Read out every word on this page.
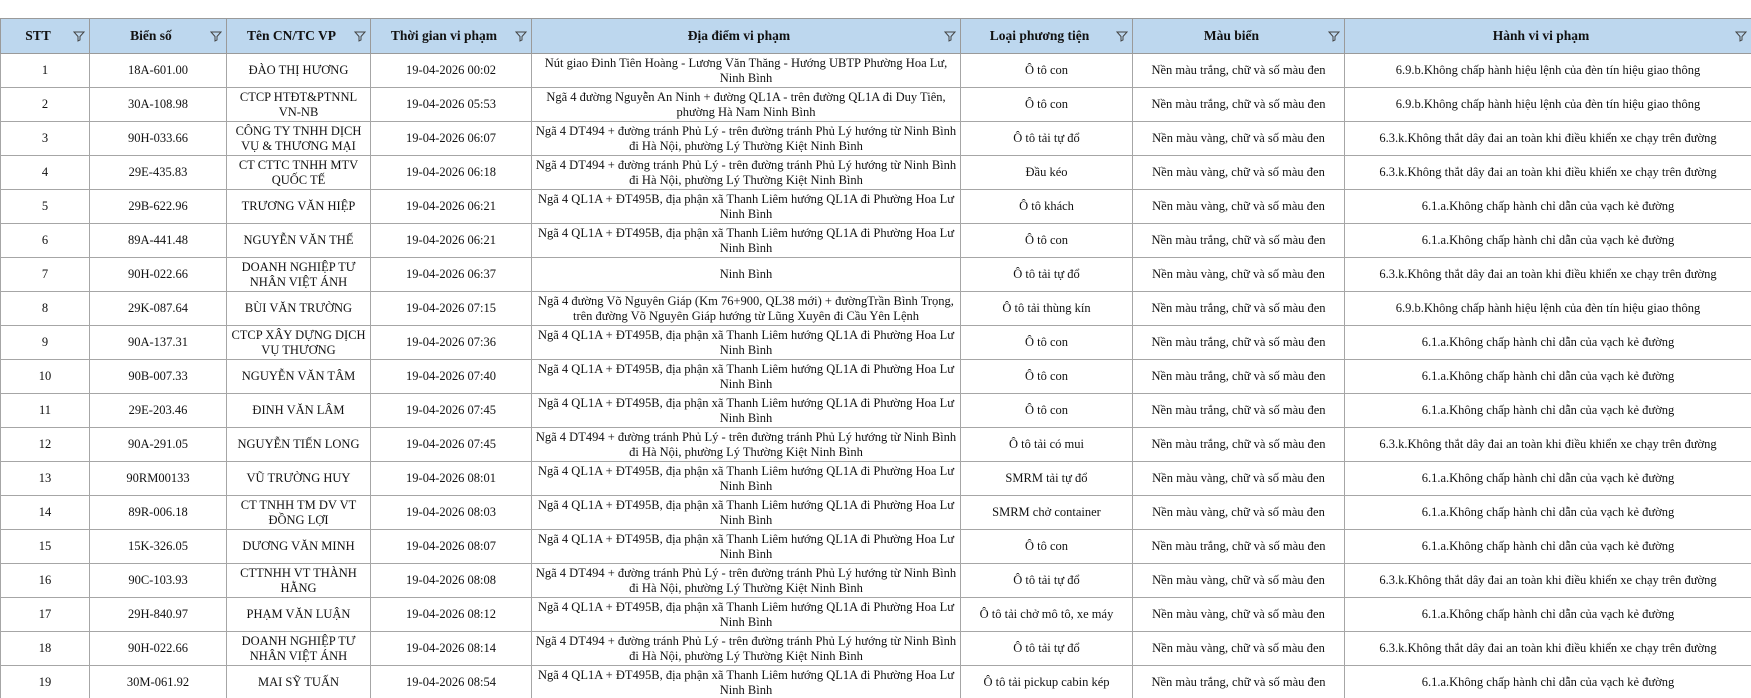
STT	Biển số	Tên CN/TC VP	Thời gian vi phạm	Địa điểm vi phạm	Loại phương tiện	Màu biển	Hành vi vi phạm

1	18A-601.00	ĐÀO THỊ HƯƠNG	19-04-2026 00:02	Nút giao Đinh Tiên Hoàng - Lương Văn Thăng - Hướng UBTP Phường Hoa Lư, Ninh Bình	Ô tô con	Nền màu trắng, chữ và số màu đen	6.9.b.Không chấp hành hiệu lệnh của đèn tín hiệu giao thông
2	30A-108.98	CTCP HTĐT&PTNNL VN-NB	19-04-2026 05:53	Ngã 4 đường Nguyễn An Ninh + đường QL1A - trên đường QL1A đi Duy Tiên, phường Hà Nam Ninh Bình	Ô tô con	Nền màu trắng, chữ và số màu đen	6.9.b.Không chấp hành hiệu lệnh của đèn tín hiệu giao thông
3	90H-033.66	CÔNG TY TNHH DỊCH VỤ & THƯƠNG MẠI	19-04-2026 06:07	Ngã 4 DT494 + đường tránh Phủ Lý - trên đường tránh Phủ Lý hướng từ Ninh Bình đi Hà Nội, phường Lý Thường Kiệt Ninh Bình	Ô tô tải tự đổ	Nền màu vàng, chữ và số màu đen	6.3.k.Không thắt dây đai an toàn khi điều khiển xe chạy trên đường
4	29E-435.83	CT CTTC TNHH MTV QUỐC TẾ	19-04-2026 06:18	Ngã 4 DT494 + đường tránh Phủ Lý - trên đường tránh Phủ Lý hướng từ Ninh Bình đi Hà Nội, phường Lý Thường Kiệt Ninh Bình	Đầu kéo	Nền màu vàng, chữ và số màu đen	6.3.k.Không thắt dây đai an toàn khi điều khiển xe chạy trên đường
5	29B-622.96	TRƯƠNG VĂN HIỆP	19-04-2026 06:21	Ngã 4 QL1A + ĐT495B, địa phận xã Thanh Liêm hướng QL1A đi Phường Hoa Lư Ninh Bình	Ô tô khách	Nền màu vàng, chữ và số màu đen	6.1.a.Không chấp hành chỉ dẫn của vạch kẻ đường
6	89A-441.48	NGUYỄN VĂN THẾ	19-04-2026 06:21	Ngã 4 QL1A + ĐT495B, địa phận xã Thanh Liêm hướng QL1A đi Phường Hoa Lư Ninh Bình	Ô tô con	Nền màu trắng, chữ và số màu đen	6.1.a.Không chấp hành chỉ dẫn của vạch kẻ đường
7	90H-022.66	DOANH NGHIỆP TƯ NHÂN VIỆT ÁNH	19-04-2026 06:37	Ninh Bình	Ô tô tải tự đổ	Nền màu vàng, chữ và số màu đen	6.3.k.Không thắt dây đai an toàn khi điều khiển xe chạy trên đường
8	29K-087.64	BÙI VĂN TRƯỜNG	19-04-2026 07:15	Ngã 4 đường Võ Nguyên Giáp (Km 76+900, QL38 mới) + đườngTrần Bình Trọng, trên đường Võ Nguyên Giáp hướng từ Lũng Xuyên đi Cầu Yên Lệnh	Ô tô tải thùng kín	Nền màu trắng, chữ và số màu đen	6.9.b.Không chấp hành hiệu lệnh của đèn tín hiệu giao thông
9	90A-137.31	CTCP XÂY DỰNG DỊCH VỤ THƯƠNG	19-04-2026 07:36	Ngã 4 QL1A + ĐT495B, địa phận xã Thanh Liêm hướng QL1A đi Phường Hoa Lư Ninh Bình	Ô tô con	Nền màu trắng, chữ và số màu đen	6.1.a.Không chấp hành chỉ dẫn của vạch kẻ đường
10	90B-007.33	NGUYỄN VĂN TÂM	19-04-2026 07:40	Ngã 4 QL1A + ĐT495B, địa phận xã Thanh Liêm hướng QL1A đi Phường Hoa Lư Ninh Bình	Ô tô con	Nền màu trắng, chữ và số màu đen	6.1.a.Không chấp hành chỉ dẫn của vạch kẻ đường
11	29E-203.46	ĐINH VĂN LÂM	19-04-2026 07:45	Ngã 4 QL1A + ĐT495B, địa phận xã Thanh Liêm hướng QL1A đi Phường Hoa Lư Ninh Bình	Ô tô con	Nền màu trắng, chữ và số màu đen	6.1.a.Không chấp hành chỉ dẫn của vạch kẻ đường
12	90A-291.05	NGUYỄN TIẾN LONG	19-04-2026 07:45	Ngã 4 DT494 + đường tránh Phủ Lý - trên đường tránh Phủ Lý hướng từ Ninh Bình đi Hà Nội, phường Lý Thường Kiệt Ninh Bình	Ô tô tải có mui	Nền màu trắng, chữ và số màu đen	6.3.k.Không thắt dây đai an toàn khi điều khiển xe chạy trên đường
13	90RM00133	VŨ TRƯỜNG HUY	19-04-2026 08:01	Ngã 4 QL1A + ĐT495B, địa phận xã Thanh Liêm hướng QL1A đi Phường Hoa Lư Ninh Bình	SMRM tải tự đổ	Nền màu vàng, chữ và số màu đen	6.1.a.Không chấp hành chỉ dẫn của vạch kẻ đường
14	89R-006.18	CT TNHH TM DV VT ĐỒNG LỢI	19-04-2026 08:03	Ngã 4 QL1A + ĐT495B, địa phận xã Thanh Liêm hướng QL1A đi Phường Hoa Lư Ninh Bình	SMRM chở container	Nền màu vàng, chữ và số màu đen	6.1.a.Không chấp hành chỉ dẫn của vạch kẻ đường
15	15K-326.05	DƯƠNG VĂN MINH	19-04-2026 08:07	Ngã 4 QL1A + ĐT495B, địa phận xã Thanh Liêm hướng QL1A đi Phường Hoa Lư Ninh Bình	Ô tô con	Nền màu trắng, chữ và số màu đen	6.1.a.Không chấp hành chỉ dẫn của vạch kẻ đường
16	90C-103.93	CTTNHH VT THÀNH HẰNG	19-04-2026 08:08	Ngã 4 DT494 + đường tránh Phủ Lý - trên đường tránh Phủ Lý hướng từ Ninh Bình đi Hà Nội, phường Lý Thường Kiệt Ninh Bình	Ô tô tải tự đổ	Nền màu vàng, chữ và số màu đen	6.3.k.Không thắt dây đai an toàn khi điều khiển xe chạy trên đường
17	29H-840.97	PHẠM VĂN LUẬN	19-04-2026 08:12	Ngã 4 QL1A + ĐT495B, địa phận xã Thanh Liêm hướng QL1A đi Phường Hoa Lư Ninh Bình	Ô tô tải chở mô tô, xe máy	Nền màu vàng, chữ và số màu đen	6.1.a.Không chấp hành chỉ dẫn của vạch kẻ đường
18	90H-022.66	DOANH NGHIỆP TƯ NHÂN VIỆT ÁNH	19-04-2026 08:14	Ngã 4 DT494 + đường tránh Phủ Lý - trên đường tránh Phủ Lý hướng từ Ninh Bình đi Hà Nội, phường Lý Thường Kiệt Ninh Bình	Ô tô tải tự đổ	Nền màu vàng, chữ và số màu đen	6.3.k.Không thắt dây đai an toàn khi điều khiển xe chạy trên đường
19	30M-061.92	MAI SỸ TUẤN	19-04-2026 08:54	Ngã 4 QL1A + ĐT495B, địa phận xã Thanh Liêm hướng QL1A đi Phường Hoa Lư Ninh Bình	Ô tô tải pickup cabin kép	Nền màu trắng, chữ và số màu đen	6.1.a.Không chấp hành chỉ dẫn của vạch kẻ đường
